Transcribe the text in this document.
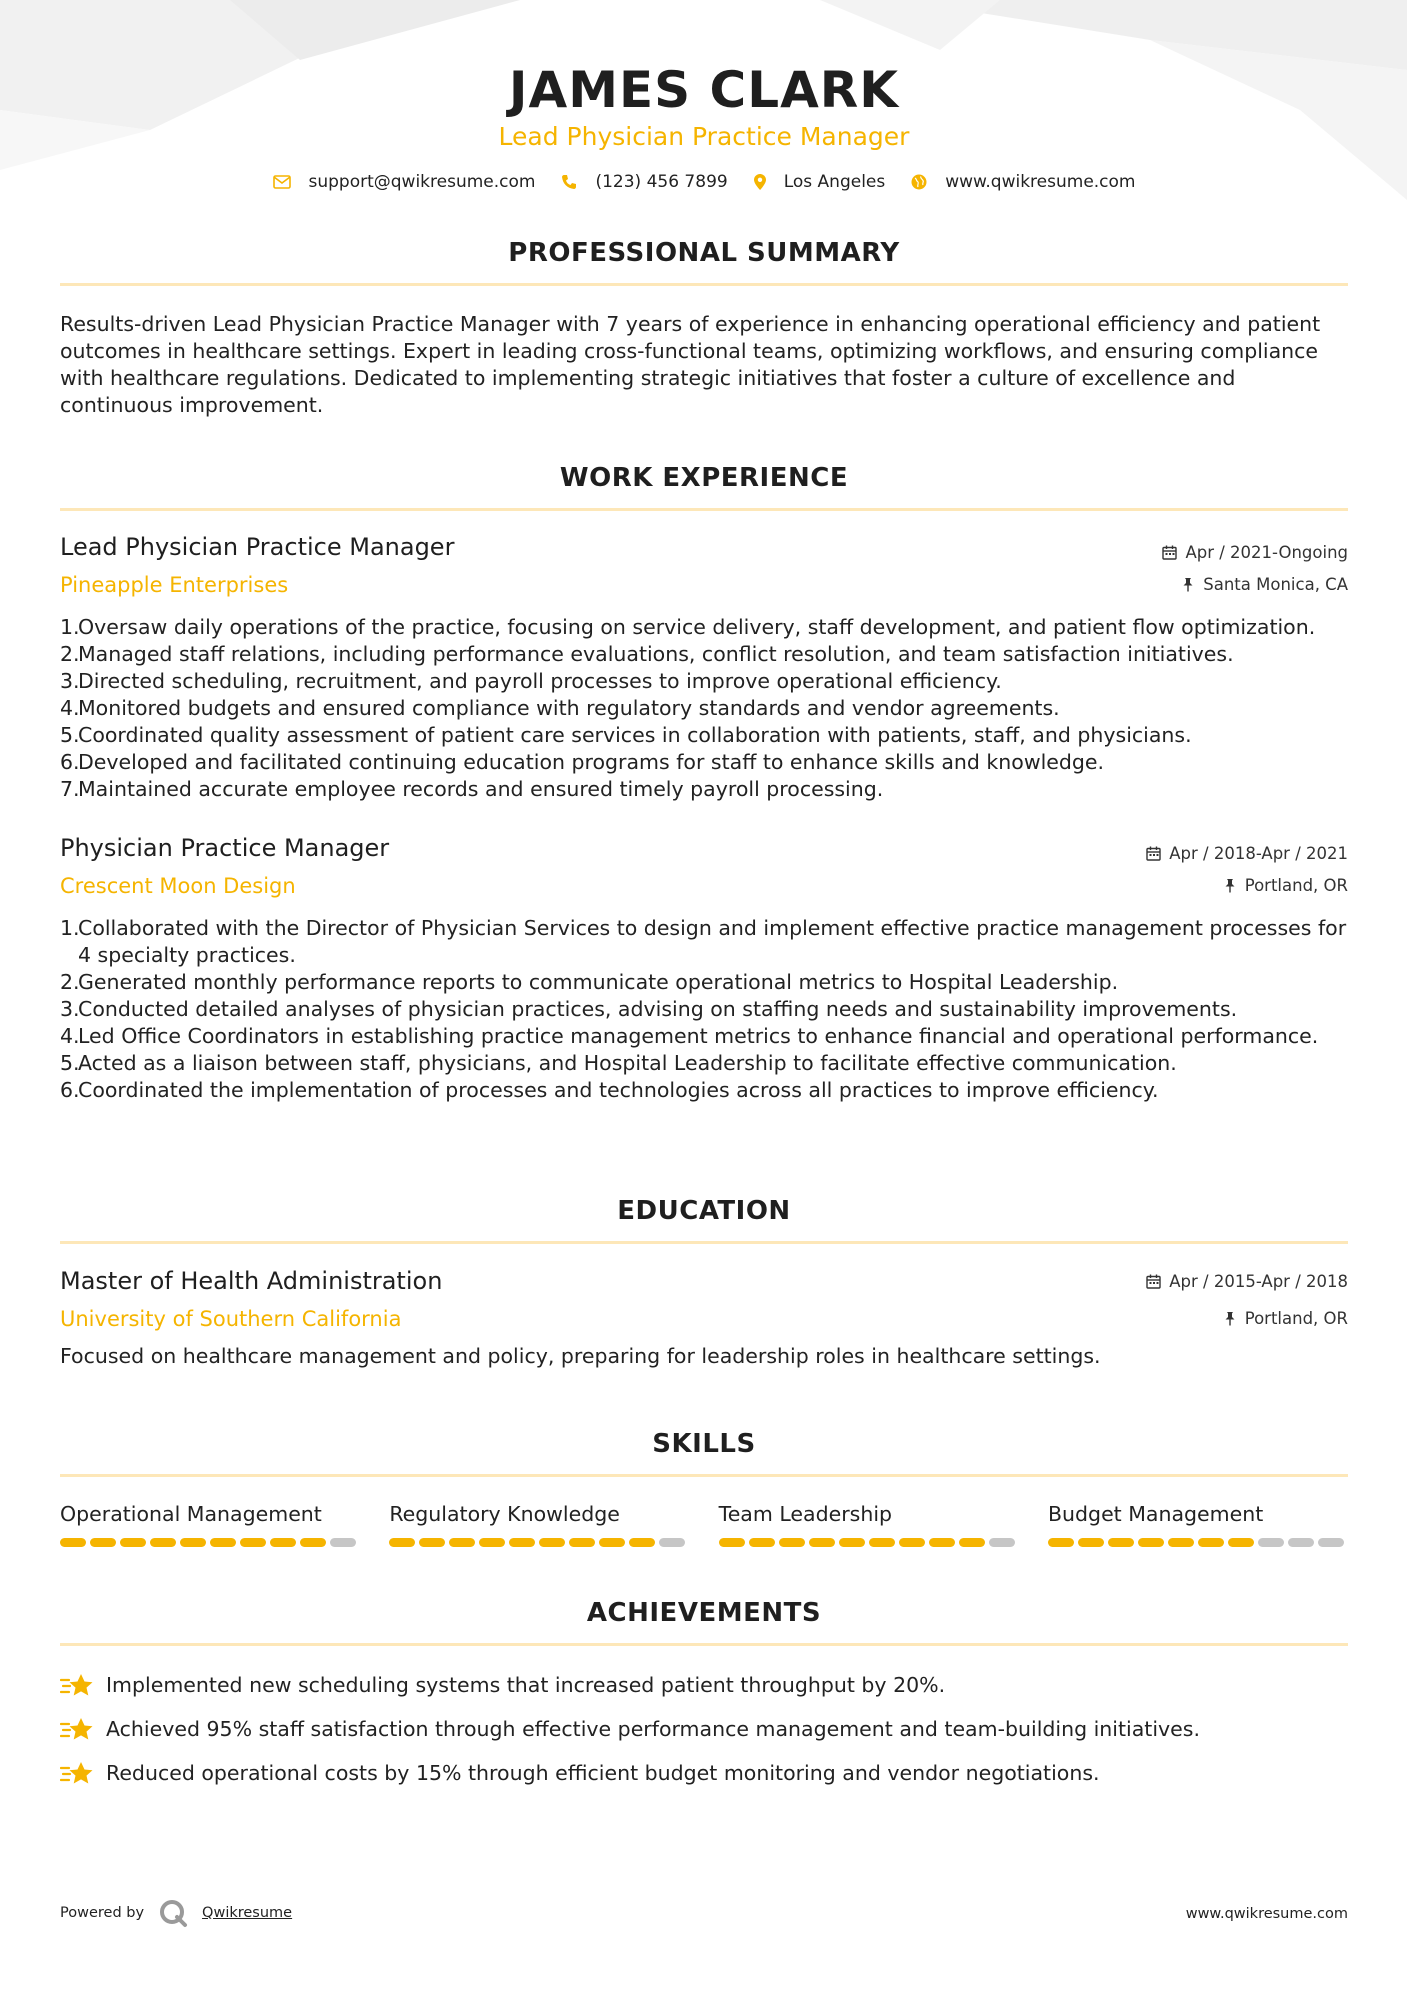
JAMES CLARK
Lead Physician Practice Manager
support@qwikresume.com	(123) 456 7899	Los Angeles	www.qwikresume.com
PROFESSIONAL SUMMARY
Results-driven Lead Physician Practice Manager with 7 years of experience in enhancing operational efficiency and patient outcomes in healthcare settings. Expert in leading cross-functional teams, optimizing workflows, and ensuring compliance with healthcare regulations. Dedicated to implementing strategic initiatives that foster a culture of excellence and continuous improvement.
WORK EXPERIENCE
Lead Physician Practice Manager
Pineapple Enterprises
Apr / 2021-Ongoing
Santa Monica, CA
1.
Oversaw daily operations of the practice, focusing on service delivery, staff development, and patient flow optimization.
2.
Managed staff relations, including performance evaluations, conflict resolution, and team satisfaction initiatives.
3.
Directed scheduling, recruitment, and payroll processes to improve operational efficiency.
4.
Monitored budgets and ensured compliance with regulatory standards and vendor agreements.
5.
Coordinated quality assessment of patient care services in collaboration with patients, staff, and physicians.
6.
Developed and facilitated continuing education programs for staff to enhance skills and knowledge.
7.
Maintained accurate employee records and ensured timely payroll processing.
Physician Practice Manager
Crescent Moon Design
Apr / 2018-Apr / 2021
Portland, OR
1.
Collaborated with the Director of Physician Services to design and implement effective practice management processes for 4 specialty practices.
2.
Generated monthly performance reports to communicate operational metrics to Hospital Leadership.
3.
Conducted detailed analyses of physician practices, advising on staffing needs and sustainability improvements.
4.
Led Office Coordinators in establishing practice management metrics to enhance financial and operational performance.
5.
Acted as a liaison between staff, physicians, and Hospital Leadership to facilitate effective communication.
6.
Coordinated the implementation of processes and technologies across all practices to improve efficiency.
EDUCATION
Master of Health Administration
University of Southern California
Apr / 2015-Apr / 2018
Portland, OR
Focused on healthcare management and policy, preparing for leadership roles in healthcare settings.
SKILLS
Operational Management	Regulatory Knowledge	Team Leadership	Budget Management
ACHIEVEMENTS
Implemented new scheduling systems that increased patient throughput by 20%.
Achieved 95% staff satisfaction through effective performance management and team-building initiatives.
Reduced operational costs by 15% through efficient budget monitoring and vendor negotiations.
Powered by	Qwikresume	www.qwikresume.com
